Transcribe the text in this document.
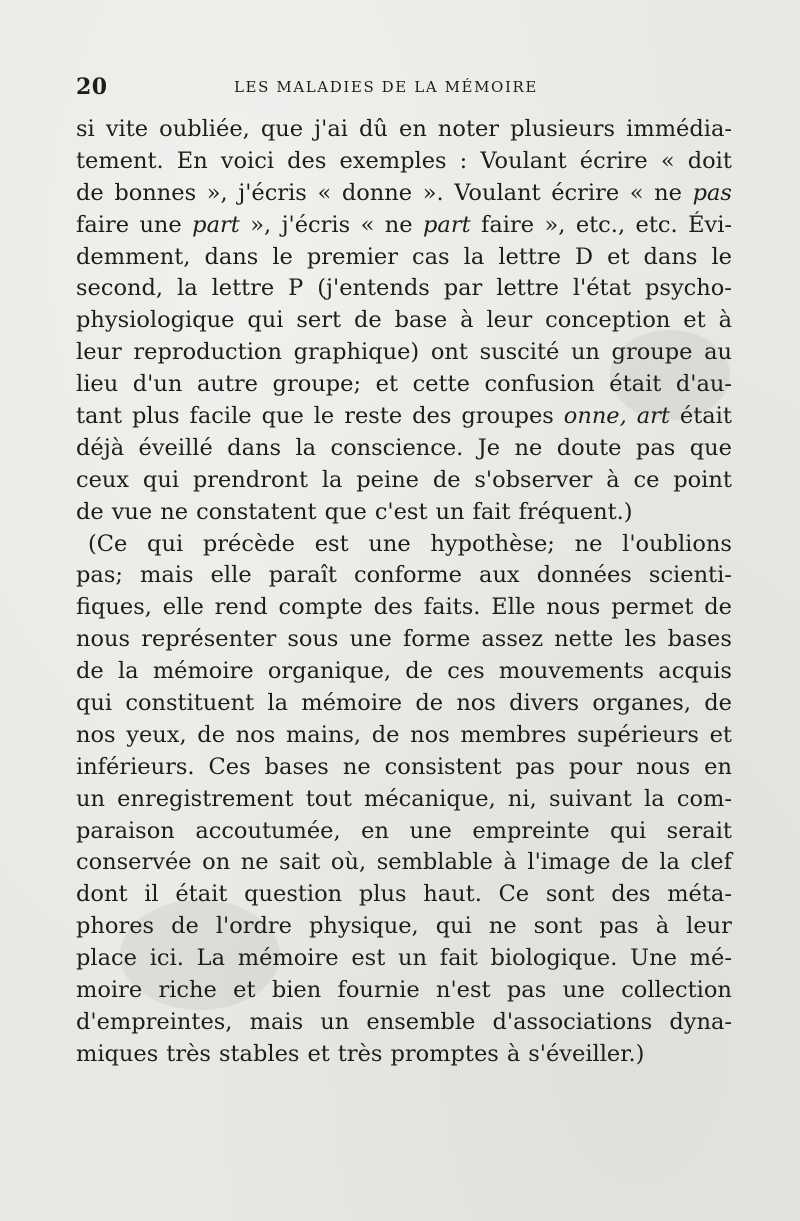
20	LES MALADIES DE LA MÉMOIRE
si vite oubliée, que j'ai dû en noter plusieurs immédia-
tement. En voici des exemples : Voulant écrire « doit
de bonnes », j'écris « donne ». Voulant écrire « ne pas
faire une part », j'écris « ne part faire », etc., etc. Évi-
demment, dans le premier cas la lettre D et dans le
second, la lettre P (j'entends par lettre l'état psycho-
physiologique qui sert de base à leur conception et à
leur reproduction graphique) ont suscité un groupe au
lieu d'un autre groupe; et cette confusion était d'au-
tant plus facile que le reste des groupes onne, art était
déjà éveillé dans la conscience. Je ne doute pas que
ceux qui prendront la peine de s'observer à ce point
de vue ne constatent que c'est un fait fréquent.)
(Ce qui précède est une hypothèse; ne l'oublions
pas; mais elle paraît conforme aux données scienti-
fiques, elle rend compte des faits. Elle nous permet de
nous représenter sous une forme assez nette les bases
de la mémoire organique, de ces mouvements acquis
qui constituent la mémoire de nos divers organes, de
nos yeux, de nos mains, de nos membres supérieurs et
inférieurs. Ces bases ne consistent pas pour nous en
un enregistrement tout mécanique, ni, suivant la com-
paraison accoutumée, en une empreinte qui serait
conservée on ne sait où, semblable à l'image de la clef
dont il était question plus haut. Ce sont des méta-
phores de l'ordre physique, qui ne sont pas à leur
place ici. La mémoire est un fait biologique. Une mé-
moire riche et bien fournie n'est pas une collection
d'empreintes, mais un ensemble d'associations dyna-
miques très stables et très promptes à s'éveiller.)
